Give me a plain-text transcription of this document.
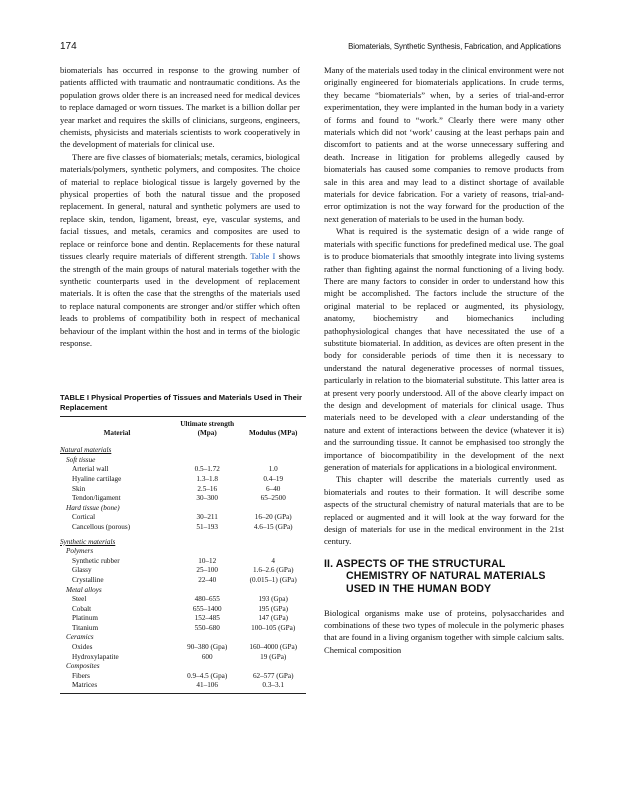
174	Biomaterials, Synthetic Synthesis, Fabrication, and Applications

biomaterials has occurred in response to the growing number of patients afflicted with traumatic and nontraumatic conditions. As the population grows older there is an increased need for medical devices to replace damaged or worn tissues. The market is a billion dollar per year market and requires the skills of clinicians, surgeons, engineers, chemists, physicists and materials scientists to work cooperatively in the development of materials for clinical use.

There are five classes of biomaterials; metals, ceramics, biological materials/polymers, synthetic polymers, and composites. The choice of material to replace biological tissue is largely governed by the physical properties of both the natural tissue and the proposed replacement. In general, natural and synthetic polymers are used to replace skin, tendon, ligament, breast, eye, vascular systems, and facial tissues, and metals, ceramics and composites are used to replace or reinforce bone and dentin. Replacements for these natural tissues clearly require materials of different strength. Table I shows the strength of the main groups of natural materials together with the synthetic counterparts used in the development of replacement materials. It is often the case that the strengths of the materials used to replace natural components are stronger and/or stiffer which often leads to problems of compatibility both in respect of mechanical behaviour of the implant within the host and in terms of the biologic response.

TABLE I Physical Properties of Tissues and Materials Used in Their Replacement

Material	Ultimate strength (Mpa)	Modulus (MPa)
Natural materials		
Soft tissue		
Arterial wall	0.5–1.72	1.0
Hyaline cartilage	1.3–1.8	0.4–19
Skin	2.5–16	6–40
Tendon/ligament	30–300	65–2500
Hard tissue (bone)		
Cortical	30–211	16–20 (GPa)
Cancellous (porous)	51–193	4.6–15 (GPa)
Synthetic materials		
Polymers		
Synthetic rubber	10–12	4
Glassy	25–100	1.6–2.6 (GPa)
Crystalline	22–40	(0.015–1) (GPa)
Metal alloys		
Steel	480–655	193 (Gpa)
Cobalt	655–1400	195 (GPa)
Platinum	152–485	147 (GPa)
Titanium	550–680	100–105 (GPa)
Ceramics		
Oxides	90–380 (Gpa)	160–4000 (GPa)
Hydroxylapatite	600	19 (GPa)
Composites		
Fibers	0.9–4.5 (Gpa)	62–577 (GPa)
Matrices	41–106	0.3–3.1

Many of the materials used today in the clinical environment were not originally engineered for biomaterials applications. In crude terms, they became “biomaterials” when, by a series of trial-and-error experimentation, they were implanted in the human body in a variety of forms and found to “work.” Clearly there were many other materials which did not ‘work’ causing at the least perhaps pain and discomfort to patients and at the worse unnecessary suffering and death. Increase in litigation for problems allegedly caused by biomaterials has caused some companies to remove products from sale in this area and may lead to a distinct shortage of available materials for device fabrication. For a variety of reasons, trial-and-error optimization is not the way forward for the production of the next generation of materials to be used in the human body.

What is required is the systematic design of a wide range of materials with specific functions for predefined medical use. The goal is to produce biomaterials that smoothly integrate into living systems rather than fighting against the normal functioning of a living body. There are many factors to consider in order to understand how this might be accomplished. The factors include the structure of the original material to be replaced or augmented, its physiology, anatomy, biochemistry and biomechanics including pathophysiological changes that have necessitated the use of a substitute biomaterial. In addition, as devices are often present in the body for considerable periods of time then it is necessary to understand the natural degenerative processes of normal tissues, particularly in relation to the biomaterial substitute. This latter area is at present very poorly understood. All of the above clearly impact on the design and development of materials for clinical usage. Thus materials need to be developed with a clear understanding of the nature and extent of interactions between the device (whatever it is) and the surrounding tissue. It cannot be emphasised too strongly the importance of biocompatibility in the development of the next generation of materials for applications in a biological environment.

This chapter will describe the materials currently used as biomaterials and routes to their formation. It will describe some aspects of the structural chemistry of natural materials that are to be replaced or augmented and it will look at the way forward for the design of materials for use in the medical environment in the 21st century.

II. ASPECTS OF THE STRUCTURAL CHEMISTRY OF NATURAL MATERIALS USED IN THE HUMAN BODY

Biological organisms make use of proteins, polysaccharides and combinations of these two types of molecule in the polymeric phases that are found in a living organism together with simple calcium salts. Chemical composition
